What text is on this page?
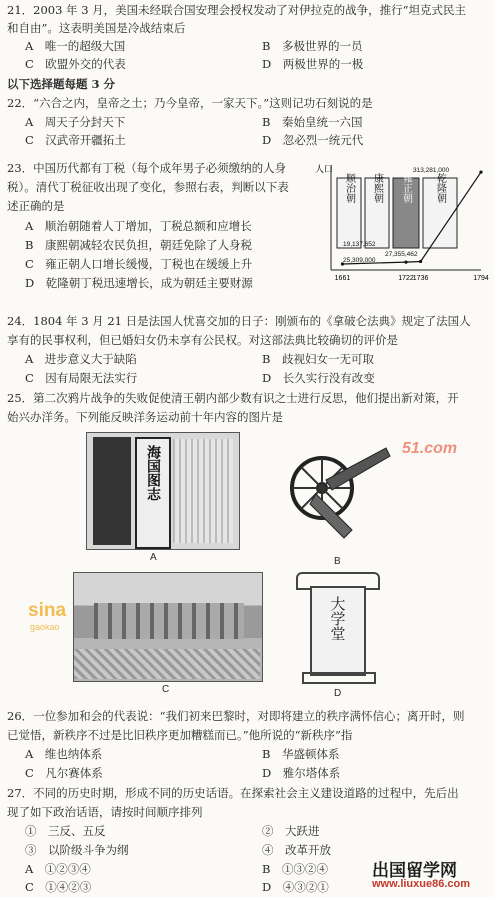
21．2003 年 3 月，美国未经联合国安理会授权发动了对伊拉克的战争，推行“坦克式民主
和自由”。这表明美国是冷战结束后
A　唯一的超级大国	B　多极世界的一员
C　欧盟外交的代表	D　两极世界的一极
以下选择题每题 3 分
22．“六合之内，皇帝之土；乃今皇帝，一家天下。”这则记功石刻说的是
A　周天子分封天下	B　秦始皇统一六国
C　汉武帝开疆拓土	D　忽必烈一统元代
23．中国历代都有丁税（每个成年男子必须缴纳的人身
税）。清代丁税征收出现了变化，参照右表，判断以下表
述正确的是
A　顺治朝随着人丁增加，丁税总额和应增长
B　康熙朝减轻农民负担，朝廷免除了人身税
C　雍正朝人口增长缓慢，丁税也在缓缓上升
D　乾隆朝丁税迅速增长，成为朝廷主要财源
人口
顺治朝 康熙朝 雍正朝 乾隆朝
313,281,000
27,355,462
25,309,000
19,137,652
1661	1722 1736	1794
24．1804 年 3 月 21 日是法国人忧喜交加的日子：刚颁布的《拿破仑法典》规定了法国人
享有的民事权利，但已婚妇女仍未享有公民权。对这部法典比较确切的评价是
A　进步意义大于缺陷	B　歧视妇女一无可取
C　因有局限无法实行	D　长久实行没有改变
25．第二次鸦片战争的失败促使清王朝内部少数有识之士进行反思，他们提出新对策，开
始兴办洋务。下列能反映洋务运动前十年内容的图片是
海国图志
A	B
C
大学堂
D
26．一位参加和会的代表说：“我们初来巴黎时，对即将建立的秩序满怀信心；离开时，则
已觉悟，新秩序不过是比旧秩序更加糟糕而已。”他所说的“新秩序”指
A　维也纳体系	B　华盛顿体系
C　凡尔赛体系	D　雅尔塔体系
27．不同的历史时期，形成不同的历史话语。在探索社会主义建设道路的过程中，先后出
现了如下政治话语，请按时间顺序排列
①　三反、五反	②　大跃进
③　以阶级斗争为纲	④　改革开放
A　①②③④	B　①③②④
C　①④②③	D　④③②①
sina
gaokao
51.com
出国留学网
www.liuxue86.com
